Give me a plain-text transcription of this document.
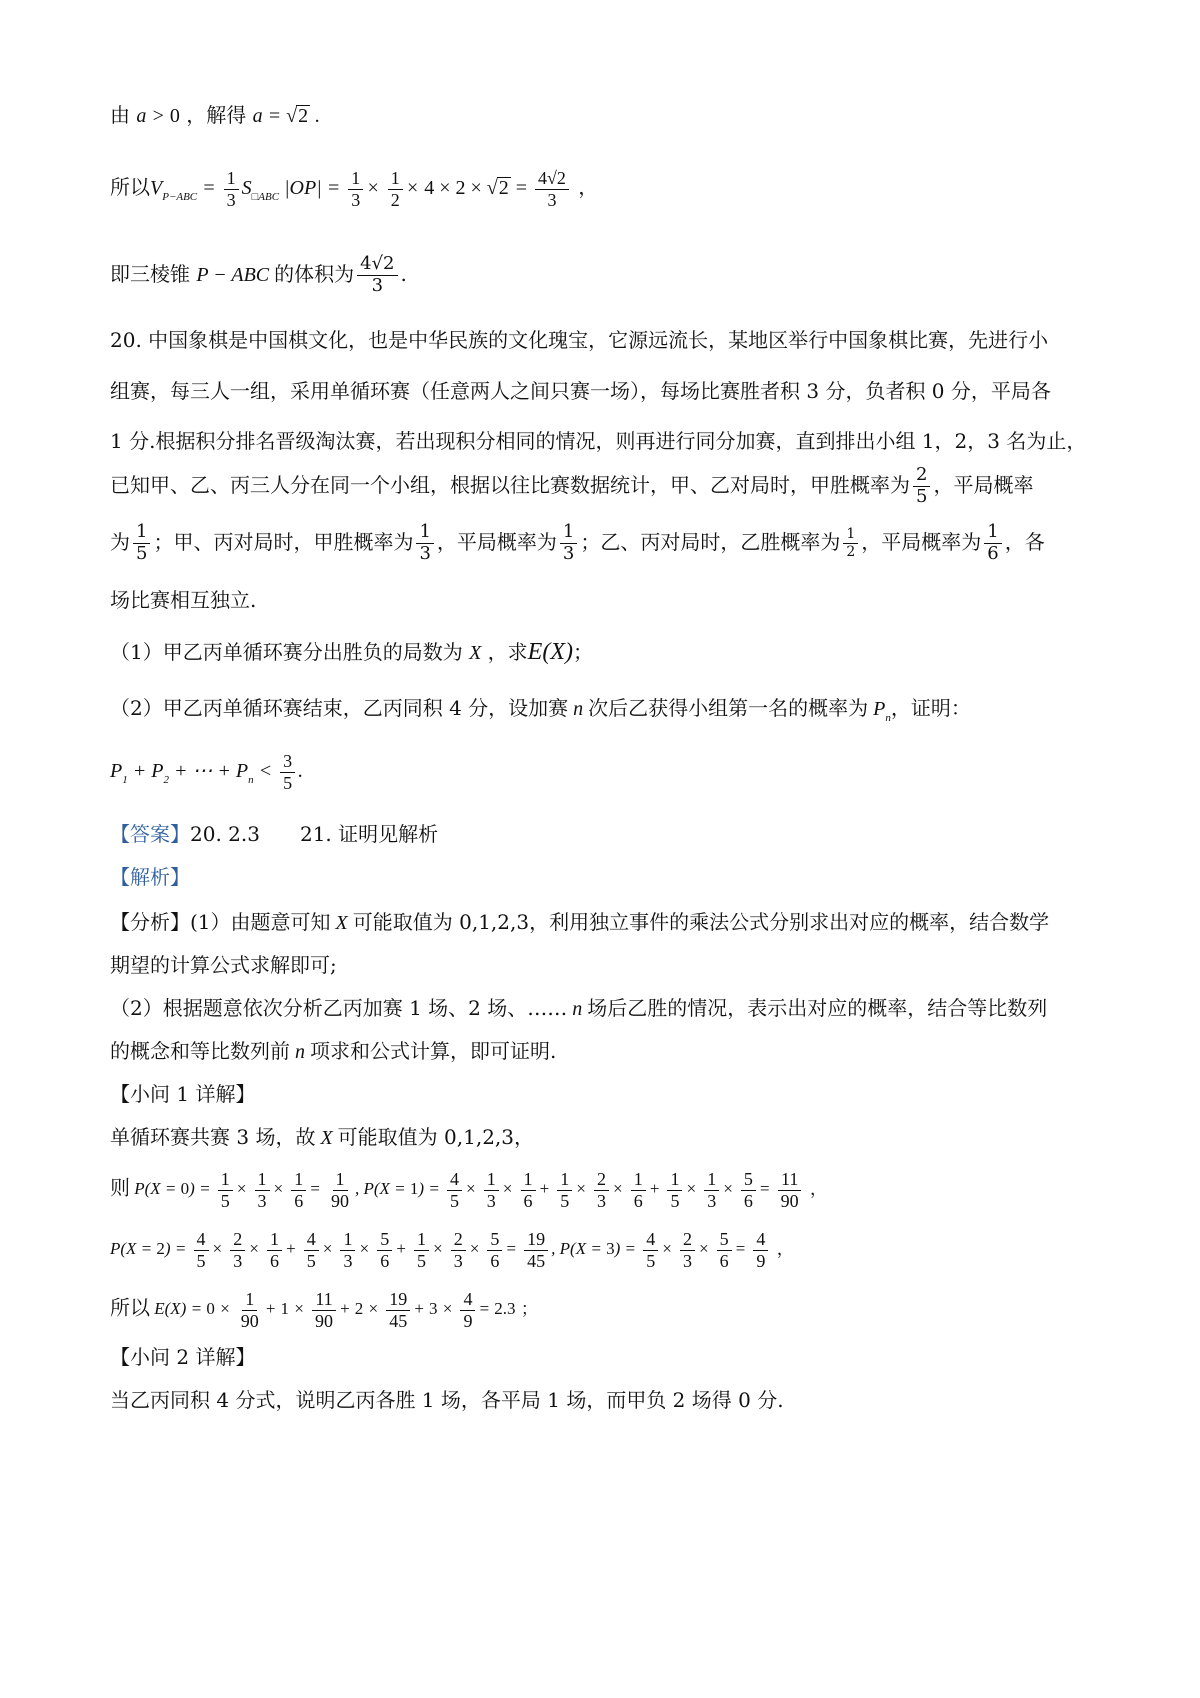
由 a > 0 ，解得 a = √2 .
所以$V_{P-ABC} = \frac{1}{3} S_{□ABC}$ $|OP| = \frac{1}{3} \times \frac{1}{2} \times 4 \times 2 \times √2 = \frac{4√2}{3}$ ，
即三棱锥 P − ABC 的体积为 $\frac{4√2}{3}$ .
20. 中国象棋是中国棋文化，也是中华民族的文化瑰宝，它源远流长，某地区举行中国象棋比赛，先进行小
组赛，每三人一组，采用单循环赛（任意两人之间只赛一场），每场比赛胜者积 3 分，负者积 0 分，平局各
1 分.根据积分排名晋级淘汰赛，若出现积分相同的情况，则再进行同分加赛，直到排出小组 1，2，3 名为止，
已知甲、乙、丙三人分在同一个小组，根据以往比赛数据统计，甲、乙对局时，甲胜概率为 $\frac{2}{5}$ ，平局概率
为 $\frac{1}{5}$ ；甲、丙对局时，甲胜概率为 $\frac{1}{3}$ ，平局概率为 $\frac{1}{3}$ ；乙、丙对局时，乙胜概率为 $\frac{1}{2}$ ，平局概率为 $\frac{1}{6}$ ，各
场比赛相互独立.
（1）甲乙丙单循环赛分出胜负的局数为 X ，求E(X)；
（2）甲乙丙单循环赛结束，乙丙同积 4 分，设加赛 n 次后乙获得小组第一名的概率为 $P_n$，证明：
$P_1 + P_2$ + ⋯ + $P_n < \frac{3}{5}$ .
【答案】20. 2.3 21. 证明见解析
【解析】
【分析】(1）由题意可知 X 可能取值为 0,1,2,3，利用独立事件的乘法公式分别求出对应的概率，结合数学
期望的计算公式求解即可;
（2）根据题意依次分析乙丙加赛 1 场、2 场、…… n 场后乙胜的情况，表示出对应的概率，结合等比数列
的概念和等比数列前 n 项求和公式计算，即可证明.
【小问 1 详解】
单循环赛共赛 3 场，故 X 可能取值为 0,1,2,3，
则 $P(X = 0) = \frac{1}{5} \times \frac{1}{3} \times \frac{1}{6} = \frac{1}{90}$ , $P(X = 1) = \frac{4}{5} \times \frac{1}{3} \times \frac{1}{6} + \frac{1}{5} \times \frac{2}{3} \times \frac{1}{6} + \frac{1}{5} \times \frac{1}{3} \times \frac{5}{6} = \frac{11}{90}$ ，
$P(X = 2) = \frac{4}{5} \times \frac{2}{3} \times \frac{1}{6} + \frac{4}{5} \times \frac{1}{3} \times \frac{5}{6} + \frac{1}{5} \times \frac{2}{3} \times \frac{5}{6} = \frac{19}{45}$ , $P(X = 3) = \frac{4}{5} \times \frac{2}{3} \times \frac{5}{6} = \frac{4}{9}$ ，
所以 $E(X) = 0 \times \frac{1}{90} + 1 \times \frac{11}{90} + 2 \times \frac{19}{45} + 3 \times \frac{4}{9} = 2.3$ ；
【小问 2 详解】
当乙丙同积 4 分式，说明乙丙各胜 1 场，各平局 1 场，而甲负 2 场得 0 分.
